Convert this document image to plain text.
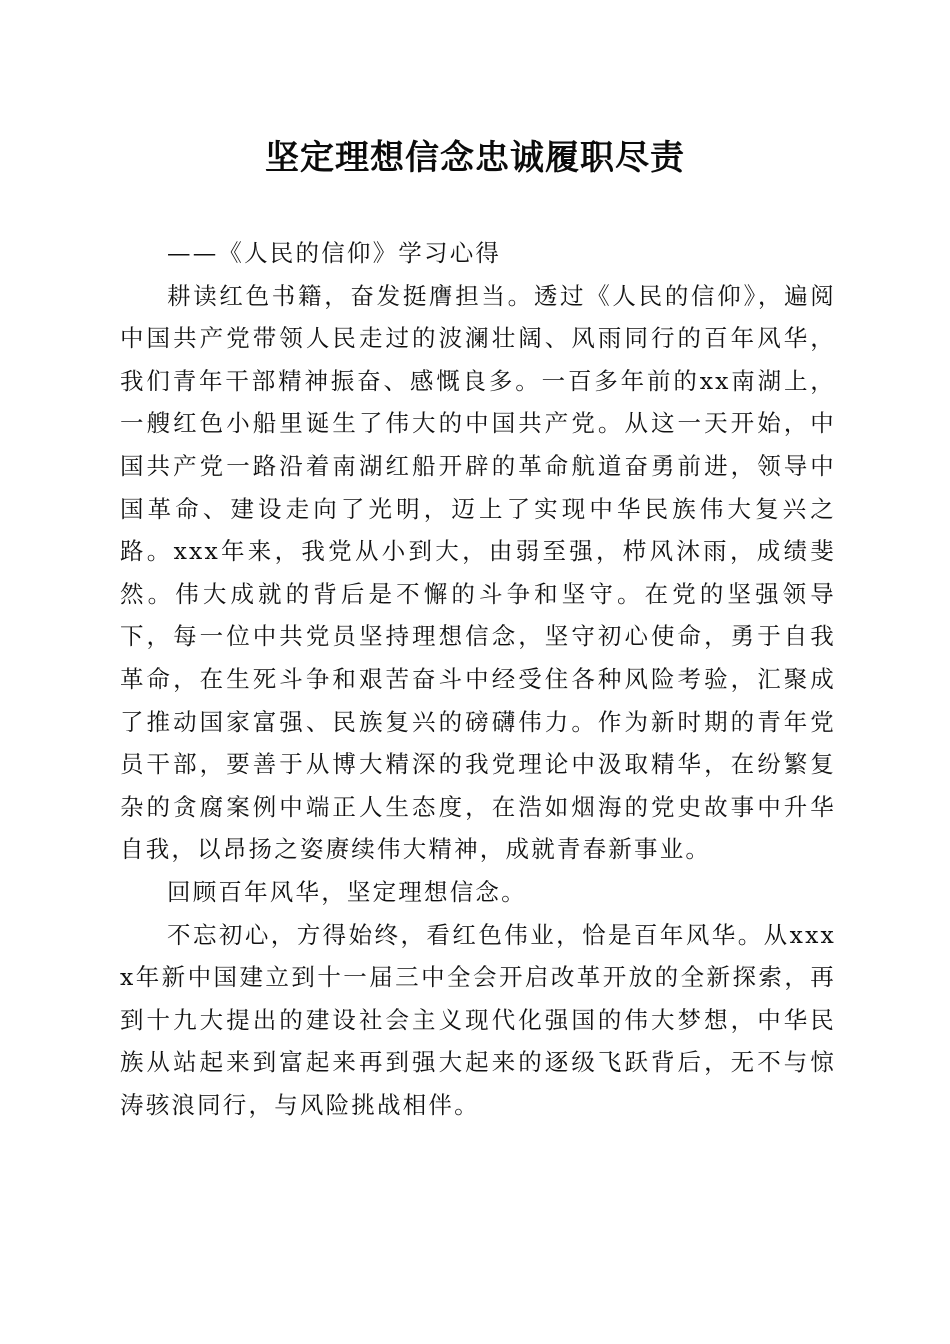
坚定理想信念忠诚履职尽责

——《人民的信仰》学习心得

耕读红色书籍，奋发挺膺担当。透过《人民的信仰》，遍阅中国共产党带领人民走过的波澜壮阔、风雨同行的百年风华，我们青年干部精神振奋、感慨良多。一百多年前的xx南湖上，一艘红色小船里诞生了伟大的中国共产党。从这一天开始，中国共产党一路沿着南湖红船开辟的革命航道奋勇前进，领导中国革命、建设走向了光明，迈上了实现中华民族伟大复兴之路。xxx年来，我党从小到大，由弱至强，栉风沐雨，成绩斐然。伟大成就的背后是不懈的斗争和坚守。在党的坚强领导下，每一位中共党员坚持理想信念，坚守初心使命，勇于自我革命，在生死斗争和艰苦奋斗中经受住各种风险考验，汇聚成了推动国家富强、民族复兴的磅礴伟力。作为新时期的青年党员干部，要善于从博大精深的我党理论中汲取精华，在纷繁复杂的贪腐案例中端正人生态度，在浩如烟海的党史故事中升华自我，以昂扬之姿赓续伟大精神，成就青春新事业。

回顾百年风华，坚定理想信念。

不忘初心，方得始终，看红色伟业，恰是百年风华。从xxxx年新中国建立到十一届三中全会开启改革开放的全新探索，再到十九大提出的建设社会主义现代化强国的伟大梦想，中华民族从站起来到富起来再到强大起来的逐级飞跃背后，无不与惊涛骇浪同行，与风险挑战相伴。
